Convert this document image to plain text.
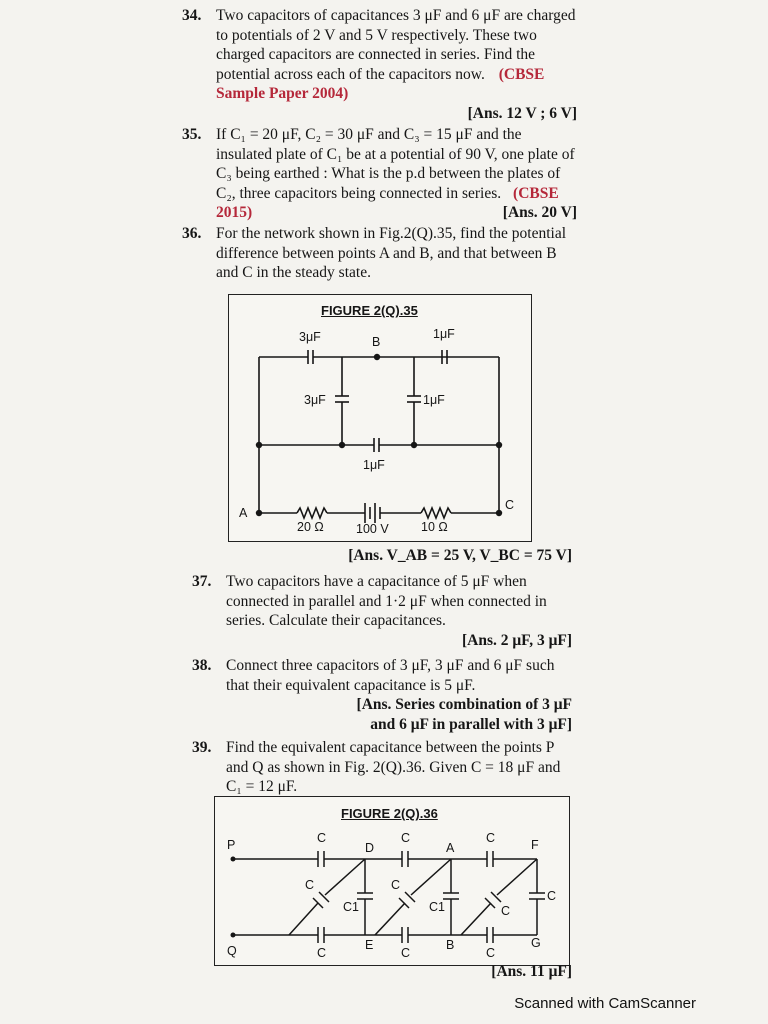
34. Two capacitors of capacitances 3 μF and 6 μF are charged to potentials of 2 V and 5 V respectively. These two charged capacitors are connected in series. Find the potential across each of the capacitors now. (CBSE Sample Paper 2004)
[Ans. 12 V ; 6 V]
35. If C₁ = 20 μF, C₂ = 30 μF and C₃ = 15 μF and the insulated plate of C₁ be at a potential of 90 V, one plate of C₃ being earthed : What is the p.d between the plates of C₂, three capacitors being connected in series. (CBSE 2015)	[Ans. 20 V]
36. For the network shown in Fig.2(Q).35, find the potential difference between points A and B, and that between B and C in the steady state.
FIGURE 2(Q).35
3μF	1μF
B
3μF	1μF
1μF
A
C
20 Ω	100 V	10 Ω
[Ans. V_AB = 25 V, V_BC = 75 V]
37. Two capacitors have a capacitance of 5 μF when connected in parallel and 1·2 μF when connected in series. Calculate their capacitances.
[Ans. 2 μF, 3 μF]
38. Connect three capacitors of 3 μF, 3 μF and 6 μF such that their equivalent capacitance is 5 μF.
[Ans. Series combination of 3 μF
and 6 μF in parallel with 3 μF]
39. Find the equivalent capacitance between the points P and Q as shown in Fig. 2(Q).36. Given C = 18 μF and C₁ = 12 μF.
FIGURE 2(Q).36
P
Q
D	A	F
E	B	G
C	C	C
C	C	C
C
C	C
C
C1	C1
[Ans. 11 μF]
Scanned with CamScanner
